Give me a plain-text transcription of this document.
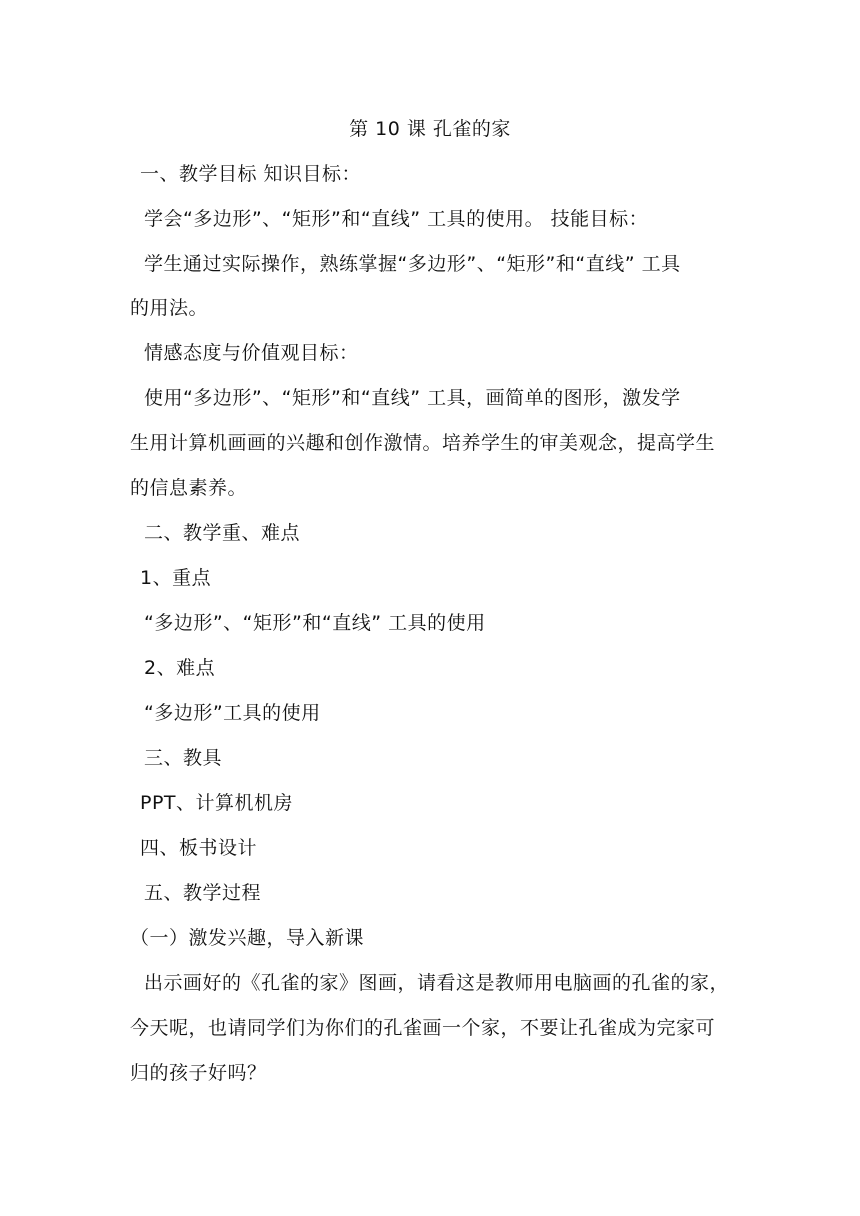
第 10 课 孔雀的家
一、教学目标 知识目标：
学会“多边形”、“矩形”和“直线” 工具的使用。 技能目标：
学生通过实际操作，熟练掌握“多边形”、“矩形”和“直线” 工具
的用法。
情感态度与价值观目标：
使用“多边形”、“矩形”和“直线” 工具，画简单的图形，激发学
生用计算机画画的兴趣和创作激情。培养学生的审美观念，提高学生
的信息素养。
二、教学重、难点
1、重点
“多边形”、“矩形”和“直线” 工具的使用
2、难点
“多边形”工具的使用
三、教具
PPT、计算机机房
四、板书设计
五、教学过程
（一）激发兴趣，导入新课
出示画好的《孔雀的家》图画，请看这是教师用电脑画的孔雀的家，
今天呢，也请同学们为你们的孔雀画一个家，不要让孔雀成为完家可
归的孩子好吗？
